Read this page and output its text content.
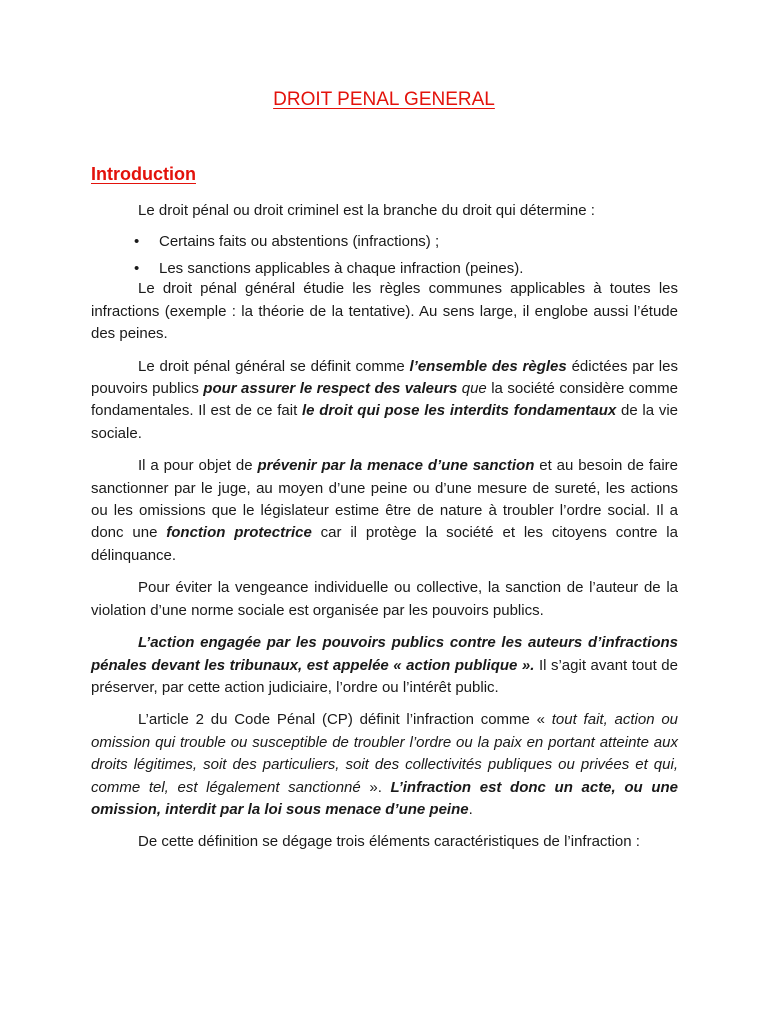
DROIT PENAL GENERAL
Introduction

Le droit pénal ou droit criminel est la branche du droit qui détermine :

• Certains faits ou abstentions (infractions) ;
• Les sanctions applicables à chaque infraction (peines).

Le droit pénal général étudie les règles communes applicables à toutes les infractions (exemple : la théorie de la tentative). Au sens large, il englobe aussi l’étude des peines.

Le droit pénal général se définit comme l’ensemble des règles édictées par les pouvoirs publics pour assurer le respect des valeurs que la société considère comme fondamentales. Il est de ce fait le droit qui pose les interdits fondamentaux de la vie sociale.

Il a pour objet de prévenir par la menace d’une sanction et au besoin de faire sanctionner par le juge, au moyen d’une peine ou d’une mesure de sureté, les actions ou les omissions que le législateur estime être de nature à troubler l’ordre social. Il a donc une fonction protectrice car il protège la société et les citoyens contre la délinquance.

Pour éviter la vengeance individuelle ou collective, la sanction de l’auteur de la violation d’une norme sociale est organisée par les pouvoirs publics.

L’action engagée par les pouvoirs publics contre les auteurs d’infractions pénales devant les tribunaux, est appelée « action publique ». Il s’agit avant tout de préserver, par cette action judiciaire, l’ordre ou l’intérêt public.

L’article 2 du Code Pénal (CP) définit l’infraction comme « tout fait, action ou omission qui trouble ou susceptible de troubler l’ordre ou la paix en portant atteinte aux droits légitimes, soit des particuliers, soit des collectivités publiques ou privées et qui, comme tel, est légalement sanctionné ». L’infraction est donc un acte, ou une omission, interdit par la loi sous menace d’une peine.

De cette définition se dégage trois éléments caractéristiques de l’infraction :
